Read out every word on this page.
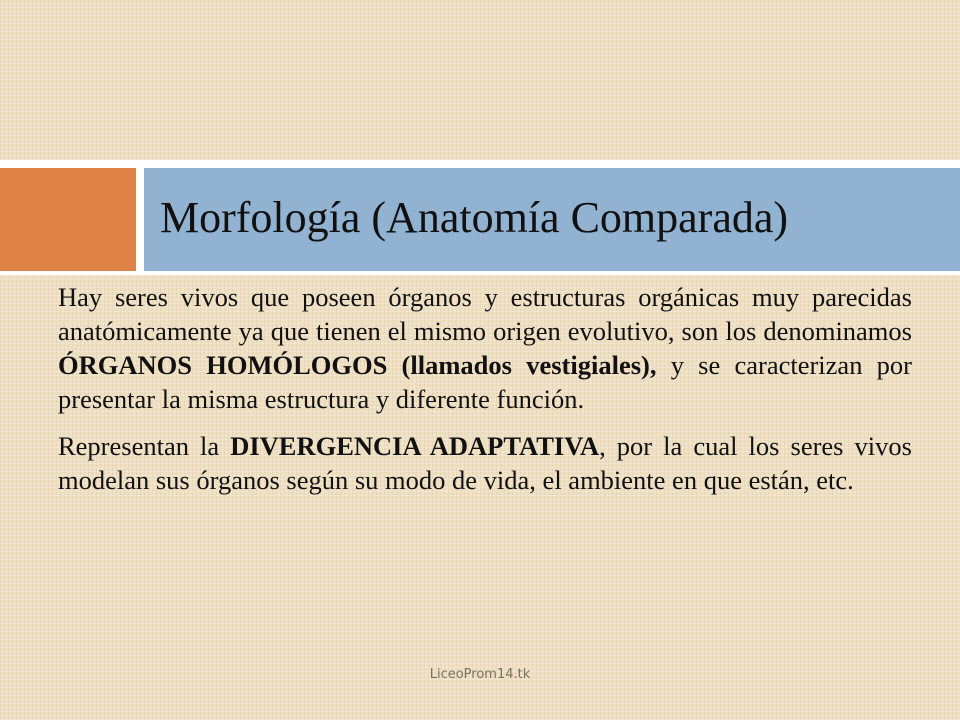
Morfología (Anatomía Comparada)

Hay seres vivos que poseen órganos y estructuras orgánicas muy parecidas anatómicamente ya que tienen el mismo origen evolutivo, son los denominamos ÓRGANOS HOMÓLOGOS (llamados vestigiales), y se caracterizan por presentar la misma estructura y diferente función.

Representan la DIVERGENCIA ADAPTATIVA, por la cual los seres vivos modelan sus órganos según su modo de vida, el ambiente en que están, etc.

LiceoProm14.tk
